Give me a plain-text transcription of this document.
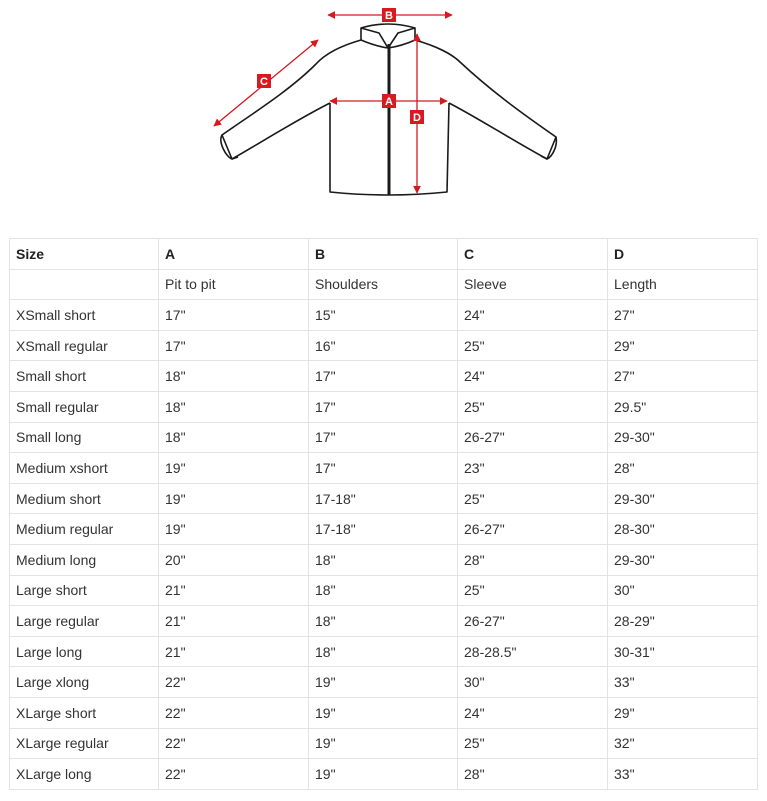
B
A
C
D
Size	A	B	C	D
	Pit to pit	Shoulders	Sleeve	Length
XSmall short	17"	15"	24"	27"
XSmall regular	17"	16"	25"	29"
Small short	18"	17"	24"	27"
Small regular	18"	17"	25"	29.5"
Small long	18"	17"	26-27"	29-30"
Medium xshort	19"	17"	23"	28"
Medium short	19"	17-18"	25"	29-30"
Medium regular	19"	17-18"	26-27"	28-30"
Medium long	20"	18"	28"	29-30"
Large short	21"	18"	25"	30"
Large regular	21"	18"	26-27"	28-29"
Large long	21"	18"	28-28.5"	30-31"
Large xlong	22"	19"	30"	33"
XLarge short	22"	19"	24"	29"
XLarge regular	22"	19"	25"	32"
XLarge long	22"	19"	28"	33"
